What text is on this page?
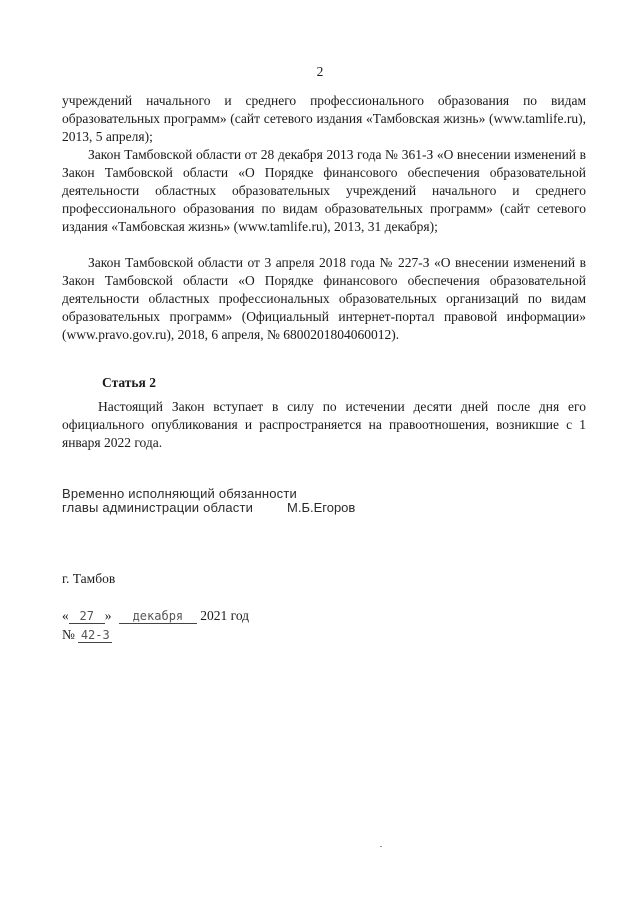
2

учреждений начального и среднего профессионального образования по видам образовательных программ» (сайт сетевого издания «Тамбовская жизнь» (www.tamlife.ru), 2013, 5 апреля);

Закон Тамбовской области от 28 декабря 2013 года № 361-З «О внесении изменений в Закон Тамбовской области «О Порядке финансового обеспечения образовательной деятельности областных образовательных учреждений начального и среднего профессионального образования по видам образовательных программ» (сайт сетевого издания «Тамбовская жизнь» (www.tamlife.ru), 2013, 31 декабря);

Закон Тамбовской области от 3 апреля 2018 года № 227-З «О внесении изменений в Закон Тамбовской области «О Порядке финансового обеспечения образовательной деятельности областных профессиональных образовательных организаций по видам образовательных программ» (Официальный интернет-портал правовой информации» (www.pravo.gov.ru), 2018, 6 апреля, № 6800201804060012).

Статья 2

Настоящий Закон вступает в силу по истечении десяти дней после дня его официального опубликования и распространяется на правоотношения, возникшие с 1 января 2022 года.

Временно исполняющий обязанности
главы администрации области	М.Б.Егоров
г. Тамбов
« 27 » декабря 2021 год
№ 42-З
